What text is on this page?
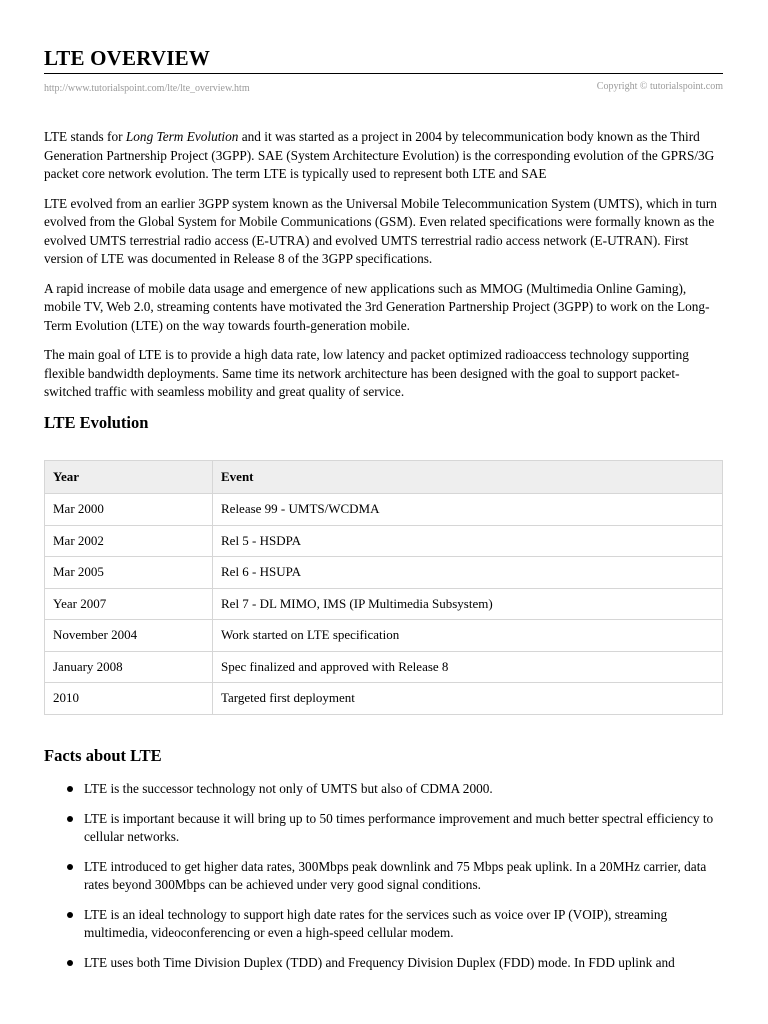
LTE OVERVIEW
http://www.tutorialspoint.com/lte/lte_overview.htm	Copyright © tutorialspoint.com

LTE stands for Long Term Evolution and it was started as a project in 2004 by telecommunication body known as the Third Generation Partnership Project (3GPP). SAE (System Architecture Evolution) is the corresponding evolution of the GPRS/3G packet core network evolution. The term LTE is typically used to represent both LTE and SAE

LTE evolved from an earlier 3GPP system known as the Universal Mobile Telecommunication System (UMTS), which in turn evolved from the Global System for Mobile Communications (GSM). Even related specifications were formally known as the evolved UMTS terrestrial radio access (E-UTRA) and evolved UMTS terrestrial radio access network (E-UTRAN). First version of LTE was documented in Release 8 of the 3GPP specifications.

A rapid increase of mobile data usage and emergence of new applications such as MMOG (Multimedia Online Gaming), mobile TV, Web 2.0, streaming contents have motivated the 3rd Generation Partnership Project (3GPP) to work on the Long-Term Evolution (LTE) on the way towards fourth-generation mobile.

The main goal of LTE is to provide a high data rate, low latency and packet optimized radioaccess technology supporting flexible bandwidth deployments. Same time its network architecture has been designed with the goal to support packet-switched traffic with seamless mobility and great quality of service.

LTE Evolution
Year	Event
Mar 2000	Release 99 - UMTS/WCDMA
Mar 2002	Rel 5 - HSDPA
Mar 2005	Rel 6 - HSUPA
Year 2007	Rel 7 - DL MIMO, IMS (IP Multimedia Subsystem)
November 2004	Work started on LTE specification
January 2008	Spec finalized and approved with Release 8
2010	Targeted first deployment
Facts about LTE
LTE is the successor technology not only of UMTS but also of CDMA 2000.
LTE is important because it will bring up to 50 times performance improvement and much better spectral efficiency to cellular networks.
LTE introduced to get higher data rates, 300Mbps peak downlink and 75 Mbps peak uplink. In a 20MHz carrier, data rates beyond 300Mbps can be achieved under very good signal conditions.
LTE is an ideal technology to support high date rates for the services such as voice over IP (VOIP), streaming multimedia, videoconferencing or even a high-speed cellular modem.
LTE uses both Time Division Duplex (TDD) and Frequency Division Duplex (FDD) mode. In FDD uplink and
